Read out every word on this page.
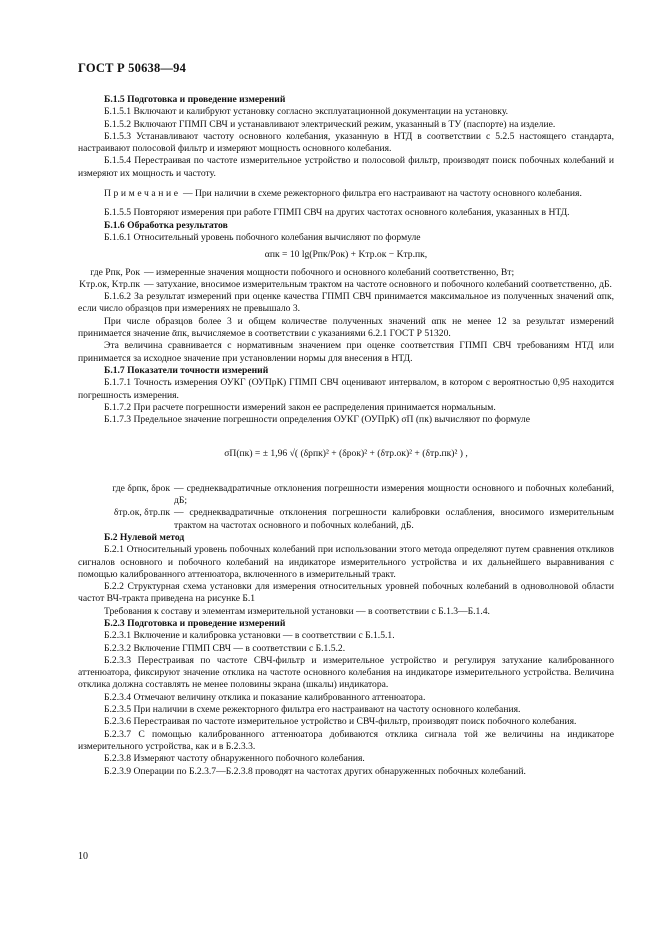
ГОСТ Р 50638—94

Б.1.5 Подготовка и проведение измерений

Б.1.5.1 Включают и калибруют установку согласно эксплуатационной документации на установку.

Б.1.5.2 Включают ГПМП СВЧ и устанавливают электрический режим, указанный в ТУ (паспорте) на изделие.

Б.1.5.3 Устанавливают частоту основного колебания, указанную в НТД в соответствии с 5.2.5 настоящего стандарта, настраивают полосовой фильтр и измеряют мощность основного колебания.

Б.1.5.4 Перестраивая по частоте измерительное устройство и полосовой фильтр, производят поиск побочных колебаний и измеряют их мощность и частоту.

Примечание — При наличии в схеме режекторного фильтра его настраивают на частоту основного колебания.

Б.1.5.5 Повторяют измерения при работе ГПМП СВЧ на других частотах основного колебания, указанных в НТД.

Б.1.6 Обработка результатов

Б.1.6.1 Относительный уровень побочного колебания вычисляют по формуле

αпк = 10 lg(Pпк/Pок) + Kтр.ок − Kтр.пк,
где Pпк, Pок — измеренные значения мощности побочного и основного колебаний соответственно, Вт;
Kтр.ок, Kтр.пк — затухание, вносимое измерительным трактом на частоте основного и побочного колебаний соответственно, дБ.

Б.1.6.2 За результат измерений при оценке качества ГПМП СВЧ принимается максимальное из полученных значений αпк, если число образцов при измерениях не превышало 3.

При числе образцов более 3 и общем количестве полученных значений αпк не менее 12 за результат измерений принимается значение ᾱпк, вычисляемое в соответствии с указаниями 6.2.1 ГОСТ Р 51320.

Эта величина сравнивается с нормативным значением при оценке соответствия ГПМП СВЧ требованиям НТД или принимается за исходное значение при установлении нормы для внесения в НТД.

Б.1.7 Показатели точности измерений

Б.1.7.1 Точность измерения ОУКГ (ОУПрК) ГПМП СВЧ оценивают интервалом, в котором с вероятностью 0,95 находится погрешность измерения.

Б.1.7.2 При расчете погрешности измерений закон ее распределения принимается нормальным.

Б.1.7.3 Предельное значение погрешности определения ОУКГ (ОУПрК) σП (пк) вычисляют по формуле

σП(пк) = ± 1,96 √( (δрпк)² + (δрок)² + (δтр.ок)² + (δтр.пк)² ) ,
где δрпк, δрок — среднеквадратичные отклонения погрешности измерения мощности основного и побочных колебаний, дБ;
δтр.ок, δтр.пк — среднеквадратичные отклонения погрешности калибровки ослабления, вносимого измерительным трактом на частотах основного и побочных колебаний, дБ.

Б.2 Нулевой метод

Б.2.1 Относительный уровень побочных колебаний при использовании этого метода определяют путем сравнения откликов сигналов основного и побочного колебаний на индикаторе измерительного устройства и их дальнейшего выравнивания с помощью калиброванного аттенюатора, включенного в измерительный тракт.

Б.2.2 Структурная схема установки для измерения относительных уровней побочных колебаний в одноволновой области частот ВЧ-тракта приведена на рисунке Б.1

Требования к составу и элементам измерительной установки — в соответствии с Б.1.3—Б.1.4.

Б.2.3 Подготовка и проведение измерений

Б.2.3.1 Включение и калибровка установки — в соответствии с Б.1.5.1.

Б.2.3.2 Включение ГПМП СВЧ — в соответствии с Б.1.5.2.

Б.2.3.3 Перестраивая по частоте СВЧ-фильтр и измерительное устройство и регулируя затухание калиброванного аттенюатора, фиксируют значение отклика на частоте основного колебания на индикаторе измерительного устройства. Величина отклика должна составлять не менее половины экрана (шкалы) индикатора.

Б.2.3.4 Отмечают величину отклика и показание калиброванного аттенюатора.

Б.2.3.5 При наличии в схеме режекторного фильтра его настраивают на частоту основного колебания.

Б.2.3.6 Перестраивая по частоте измерительное устройство и СВЧ-фильтр, производят поиск побочного колебания.

Б.2.3.7 С помощью калиброванного аттенюатора добиваются отклика сигнала той же величины на индикаторе измерительного устройства, как и в Б.2.3.3.

Б.2.3.8 Измеряют частоту обнаруженного побочного колебания.

Б.2.3.9 Операции по Б.2.3.7—Б.2.3.8 проводят на частотах других обнаруженных побочных колебаний.

10
